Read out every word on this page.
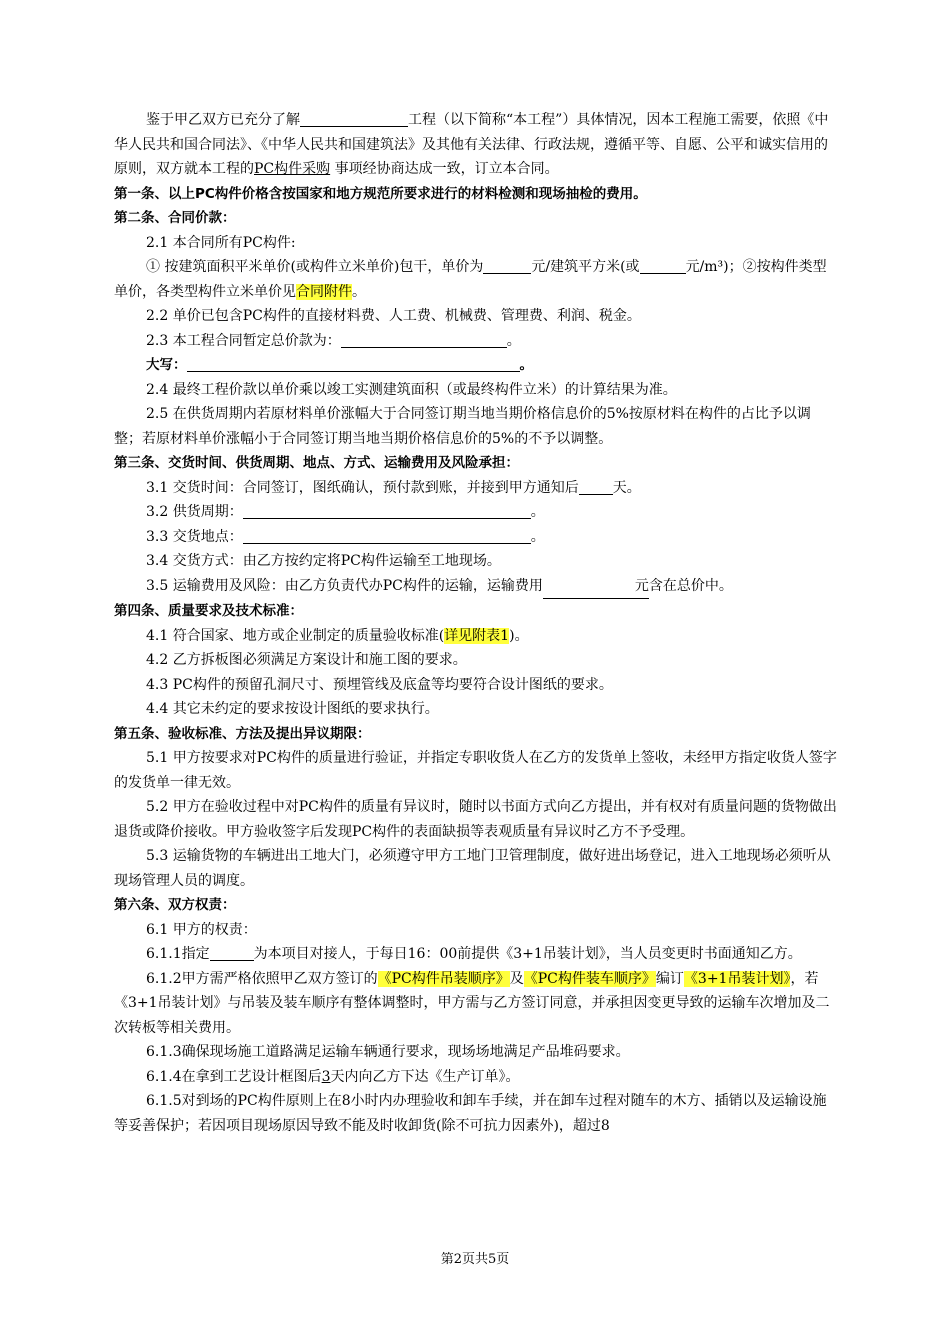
鉴于甲乙双方已充分了解	工程（以下简称“本工程”）具体情况，因本工程施工需要，依照《中华人民共和国合同法》、《中华人民共和国建筑法》及其他有关法律、行政法规，遵循平等、自愿、公平和诚实信用的原则，双方就本工程的PC构件采购 事项经协商达成一致，订立本合同。

第一条、以上PC构件价格含按国家和地方规范所要求进行的材料检测和现场抽检的费用。

第二条、合同价款：

2.1 本合同所有PC构件:

① 按建筑面积平米单价(或构件立米单价)包干，单价为	元/建筑平方米(或	元/m³)；②按构件类型单价，各类型构件立米单价见合同附件。

2.2 单价已包含PC构件的直接材料费、人工费、机械费、管理费、利润、税金。

2.3 本工程合同暂定总价款为：	。

大写：	。

2.4 最终工程价款以单价乘以竣工实测建筑面积（或最终构件立米）的计算结果为准。

2.5 在供货周期内若原材料单价涨幅大于合同签订期当地当期价格信息价的5%按原材料在构件的占比予以调整；若原材料单价涨幅小于合同签订期当地当期价格信息价的5%的不予以调整。

第三条、交货时间、供货周期、地点、方式、运输费用及风险承担：

3.1 交货时间：合同签订，图纸确认，预付款到账，并接到甲方通知后 天。

3.2 供货周期：	。

3.3 交货地点：	。

3.4 交货方式：由乙方按约定将PC构件运输至工地现场。

3.5 运输费用及风险：由乙方负责代办PC构件的运输，运输费用	元含在总价中。

第四条、质量要求及技术标准：

4.1 符合国家、地方或企业制定的质量验收标准(详见附表1)。

4.2 乙方拆板图必须满足方案设计和施工图的要求。

4.3 PC构件的预留孔洞尺寸、预埋管线及底盒等均要符合设计图纸的要求。

4.4 其它未约定的要求按设计图纸的要求执行。

第五条、验收标准、方法及提出异议期限：

5.1 甲方按要求对PC构件的质量进行验证，并指定专职收货人在乙方的发货单上签收，未经甲方指定收货人签字的发货单一律无效。

5.2 甲方在验收过程中对PC构件的质量有异议时，随时以书面方式向乙方提出，并有权对有质量问题的货物做出退货或降价接收。甲方验收签字后发现PC构件的表面缺损等表观质量有异议时乙方不予受理。

5.3 运输货物的车辆进出工地大门，必须遵守甲方工地门卫管理制度，做好进出场登记，进入工地现场必须听从现场管理人员的调度。

第六条、双方权责：

6.1 甲方的权责：

6.1.1指定	为本项目对接人，于每日16：00前提供《3+1吊装计划》，当人员变更时书面通知乙方。

6.1.2甲方需严格依照甲乙双方签订的《PC构件吊装顺序》及《PC构件装车顺序》编订《3+1吊装计划》，若《3+1吊装计划》与吊装及装车顺序有整体调整时，甲方需与乙方签订同意，并承担因变更导致的运输车次增加及二次转板等相关费用。

6.1.3确保现场施工道路满足运输车辆通行要求，现场场地满足产品堆码要求。

6.1.4在拿到工艺设计框图后3天内向乙方下达《生产订单》。

6.1.5对到场的PC构件原则上在8小时内办理验收和卸车手续，并在卸车过程对随车的木方、插销以及运输设施等妥善保护；若因项目现场原因导致不能及时收卸货(除不可抗力因素外)，超过8

第2页共5页
